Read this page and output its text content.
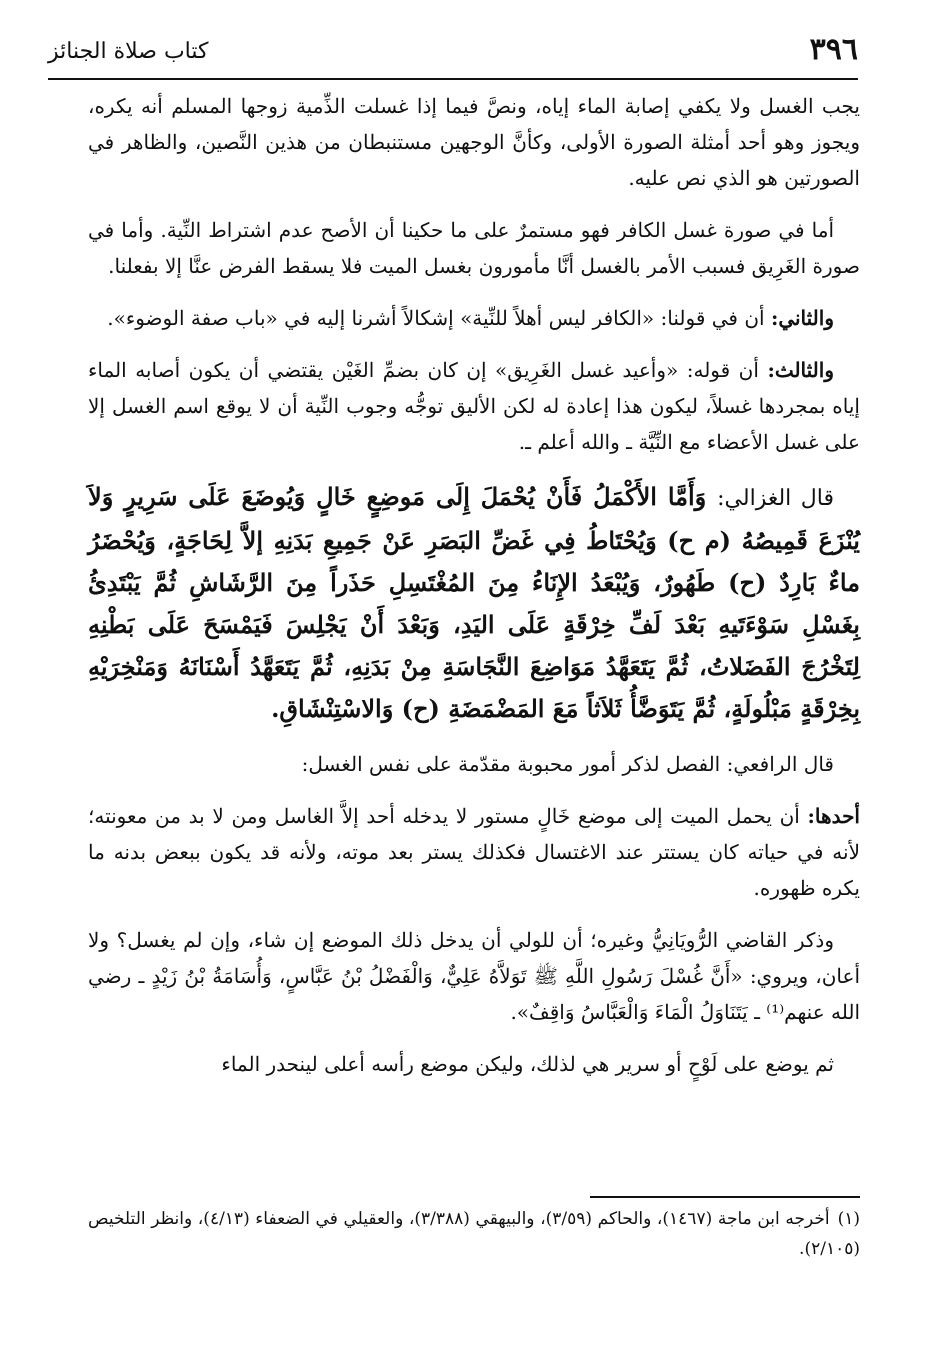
٣٩٦
كتاب صلاة الجنائز

يجب الغسل ولا يكفي إصابة الماء إياه، ونصَّ فيما إذا غسلت الذِّمية زوجها المسلم أنه يكره، ويجوز وهو أحد أمثلة الصورة الأولى، وكأنَّ الوجهين مستنبطان من هذين النَّصين، والظاهر في الصورتين هو الذي نص عليه.

أما في صورة غسل الكافر فهو مستمرٌ على ما حكينا أن الأصح عدم اشتراط النِّية. وأما في صورة الغَرِيق فسبب الأمر بالغسل أنَّا مأمورون بغسل الميت فلا يسقط الفرض عنَّا إلا بفعلنا.

والثاني: أن في قولنا: «الكافر ليس أهلاً للنِّية» إشكالاً أشرنا إليه في «باب صفة الوضوء».

والثالث: أن قوله: «وأعيد غسل الغَرِيق» إن كان بضمِّ الغَيْن يقتضي أن يكون أصابه الماء إياه بمجردها غسلاً، ليكون هذا إعادة له لكن الأليق توجُّه وجوب النِّية أن لا يوقع اسم الغسل إلا على غسل الأعضاء مع النِّيَّة ـ والله أعلم ـ.

قال الغزالي: وَأَمَّا الأَكْمَلُ فَأَنْ يُحْمَلَ إِلَى مَوضِعٍ خَالٍ وَيُوضَعَ عَلَى سَرِيرٍ وَلاَ يُنْزَعَ قَمِيصُهُ (م ح) وَيُحْتَاطُ فِي غَضِّ البَصَرِ عَنْ جَمِيعِ بَدَنِهِ إلاَّ لِحَاجَةٍ، وَيُحْضَرُ ماءٌ بَارِدٌ (ح) طَهُورٌ، وَيُبْعَدُ الإِنَاءُ مِنَ المُغْتَسِلِ حَذَراً مِنَ الرَّشَاشِ ثُمَّ يَبْتَدِئُ بِغَسْلِ سَوْءَتَيهِ بَعْدَ لَفِّ خِرْقَةٍ عَلَى اليَدِ، وَبَعْدَ أَنْ يَجْلِسَ فَيَمْسَحَ عَلَى بَطْنِهِ لِتَخْرُجَ الفَضَلاتُ، ثُمَّ يَتَعَهَّدُ مَوَاضِعَ النَّجَاسَةِ مِنْ بَدَنِهِ، ثُمَّ يَتَعَهَّدُ أَسْنَانَهُ وَمَنْخِرَيْهِ بِخِرْقَةٍ مَبْلُولَةٍ، ثُمَّ يَتَوَضَّأُ ثَلاَثاً مَعَ المَضْمَضَةِ (ح) وَالاسْتِنْشَاقِ.

قال الرافعي: الفصل لذكر أمور محبوبة مقدّمة على نفس الغسل:

أحدها: أن يحمل الميت إلى موضع خَالٍ مستور لا يدخله أحد إلاَّ الغاسل ومن لا بد من معونته؛ لأنه في حياته كان يستتر عند الاغتسال فكذلك يستر بعد موته، ولأنه قد يكون ببعض بدنه ما يكره ظهوره.

وذكر القاضي الرُّويَانِيُّ وغيره؛ أن للولي أن يدخل ذلك الموضع إن شاء، وإن لم يغسل؟ ولا أعان، ويروي: «أَنَّ غُسْلَ رَسُولِ اللَّهِ ﷺ تَوَلاَّهُ عَلِيٌّ، وَالْفَضْلُ بْنُ عَبَّاسٍ، وَأُسَامَةُ بْنُ زَيْدٍ ـ رضي الله عنهم⁽¹⁾ ـ يَتَنَاوَلُ الْمَاءَ وَالْعَبَّاسُ وَاقِفٌ».

ثم يوضع على لَوْحٍ أو سرير هي لذلك، وليكن موضع رأسه أعلى لينحدر الماء

(١)أخرجه ابن ماجة (١٤٦٧)، والحاكم (٣/٥٩)، والبيهقي (٣/٣٨٨)، والعقيلي في الضعفاء (٤/١٣)، وانظر التلخيص (٢/١٠٥).
